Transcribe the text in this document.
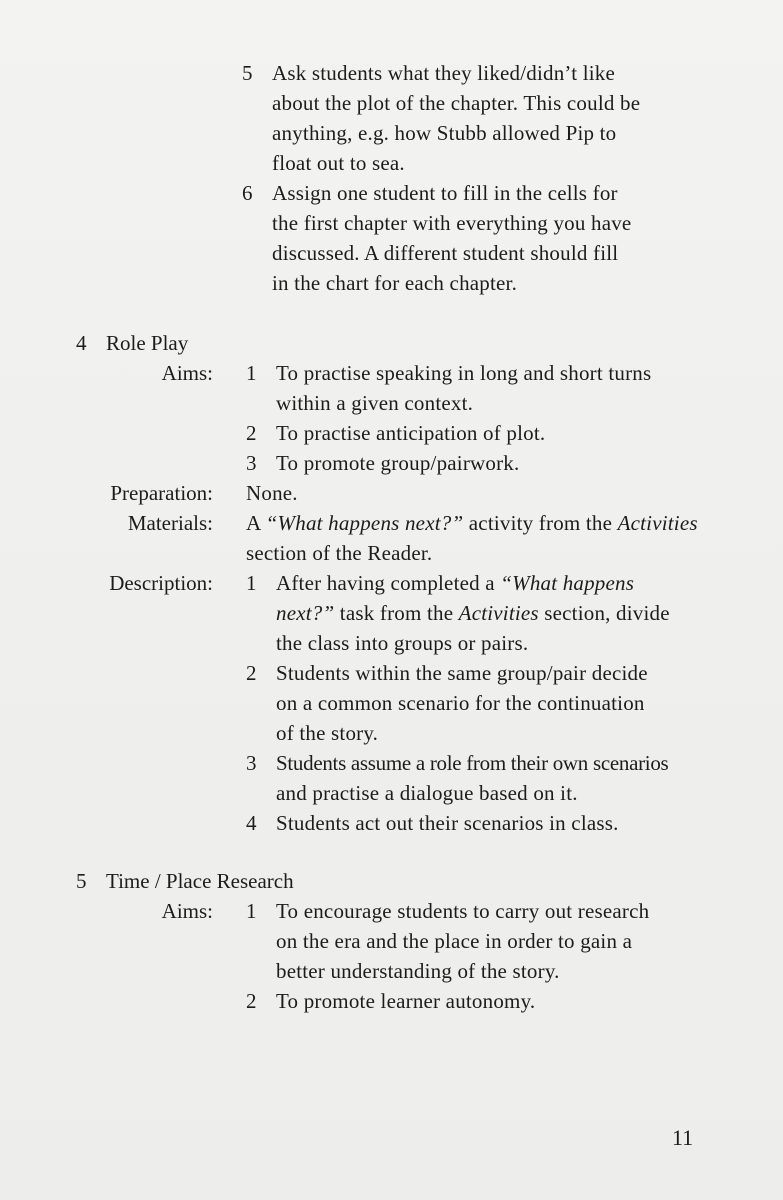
5 Ask students what they liked/didn’t like
about the plot of the chapter. This could be
anything, e.g. how Stubb allowed Pip to
float out to sea.
6 Assign one student to fill in the cells for
the first chapter with everything you have
discussed. A different student should fill
in the chart for each chapter.
4 Role Play
Aims: 1 To practise speaking in long and short turns
within a given context.
2 To practise anticipation of plot.
3 To promote group/pairwork.
Preparation: None.
Materials: A “What happens next?” activity from the Activities
section of the Reader.
Description: 1 After having completed a “What happens
next?” task from the Activities section, divide
the class into groups or pairs.
2 Students within the same group/pair decide
on a common scenario for the continuation
of the story.
3 Students assume a role from their own scenarios
and practise a dialogue based on it.
4 Students act out their scenarios in class.
5 Time / Place Research
Aims: 1 To encourage students to carry out research
on the era and the place in order to gain a
better understanding of the story.
2 To promote learner autonomy.
11
